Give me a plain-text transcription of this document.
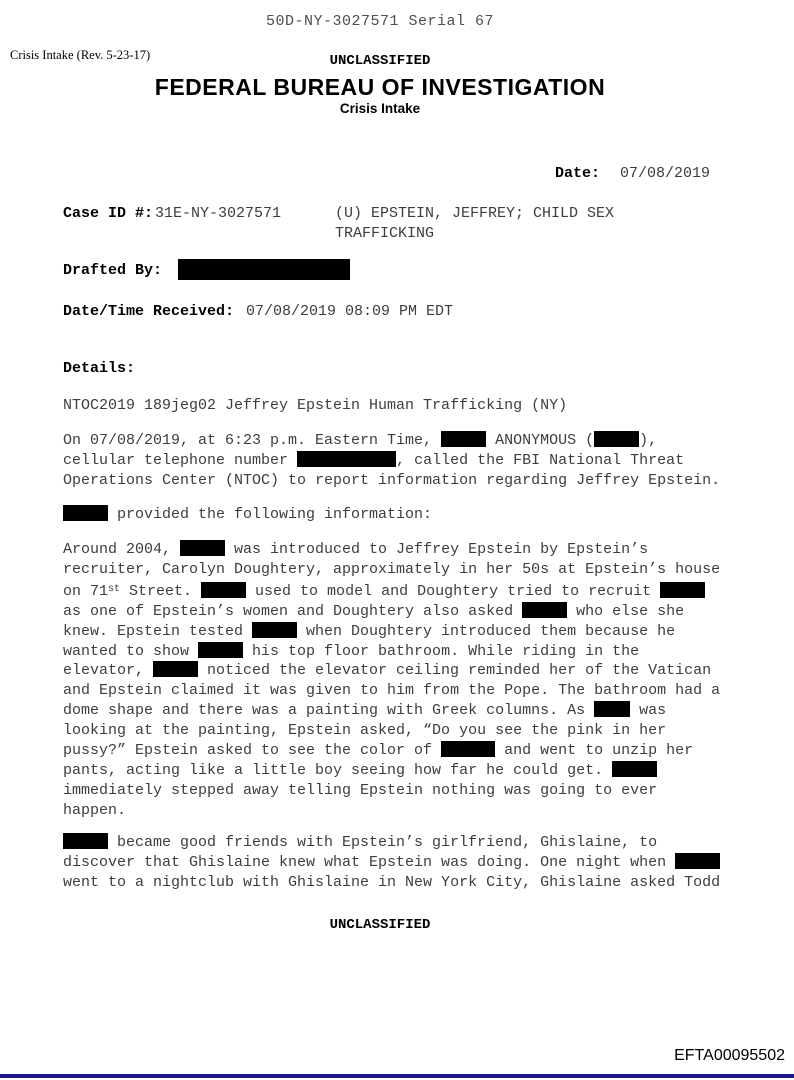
50D-NY-3027571 Serial 67
Crisis Intake (Rev. 5-23-17)	UNCLASSIFIED
FEDERAL BUREAU OF INVESTIGATION
Crisis Intake
Date: 07/08/2019
Case ID #: 31E-NY-3027571	(U) EPSTEIN, JEFFREY; CHILD SEX
TRAFFICKING
Drafted By:
Date/Time Received: 07/08/2019 08:09 PM EDT
Details:
NTOC2019 189jeg02 Jeffrey Epstein Human Trafficking (NY)
On 07/08/2019, at 6:23 p.m. Eastern Time,	ANONYMOUS (	),
cellular telephone number	, called the FBI National Threat
Operations Center (NTOC) to report information regarding Jeffrey Epstein.
provided the following information:
Around 2004,	was introduced to Jeffrey Epstein by Epstein’s
recruiter, Carolyn Doughtery, approximately in her 50s at Epstein’s house
on 71st Street.	used to model and Doughtery tried to recruit
as one of Epstein’s women and Doughtery also asked	who else she
knew. Epstein tested	when Doughtery introduced them because he
wanted to show	his top floor bathroom. While riding in the
elevator,	noticed the elevator ceiling reminded her of the Vatican
and Epstein claimed it was given to him from the Pope. The bathroom had a
dome shape and there was a painting with Greek columns. As  was
looking at the painting, Epstein asked, “Do you see the pink in her
pussy?” Epstein asked to see the color of	and went to unzip her
pants, acting like a little boy seeing how far he could get.
immediately stepped away telling Epstein nothing was going to ever
happen.
became good friends with Epstein’s girlfriend, Ghislaine, to
discover that Ghislaine knew what Epstein was doing. One night when
went to a nightclub with Ghislaine in New York City, Ghislaine asked Todd
UNCLASSIFIED
EFTA00095502
